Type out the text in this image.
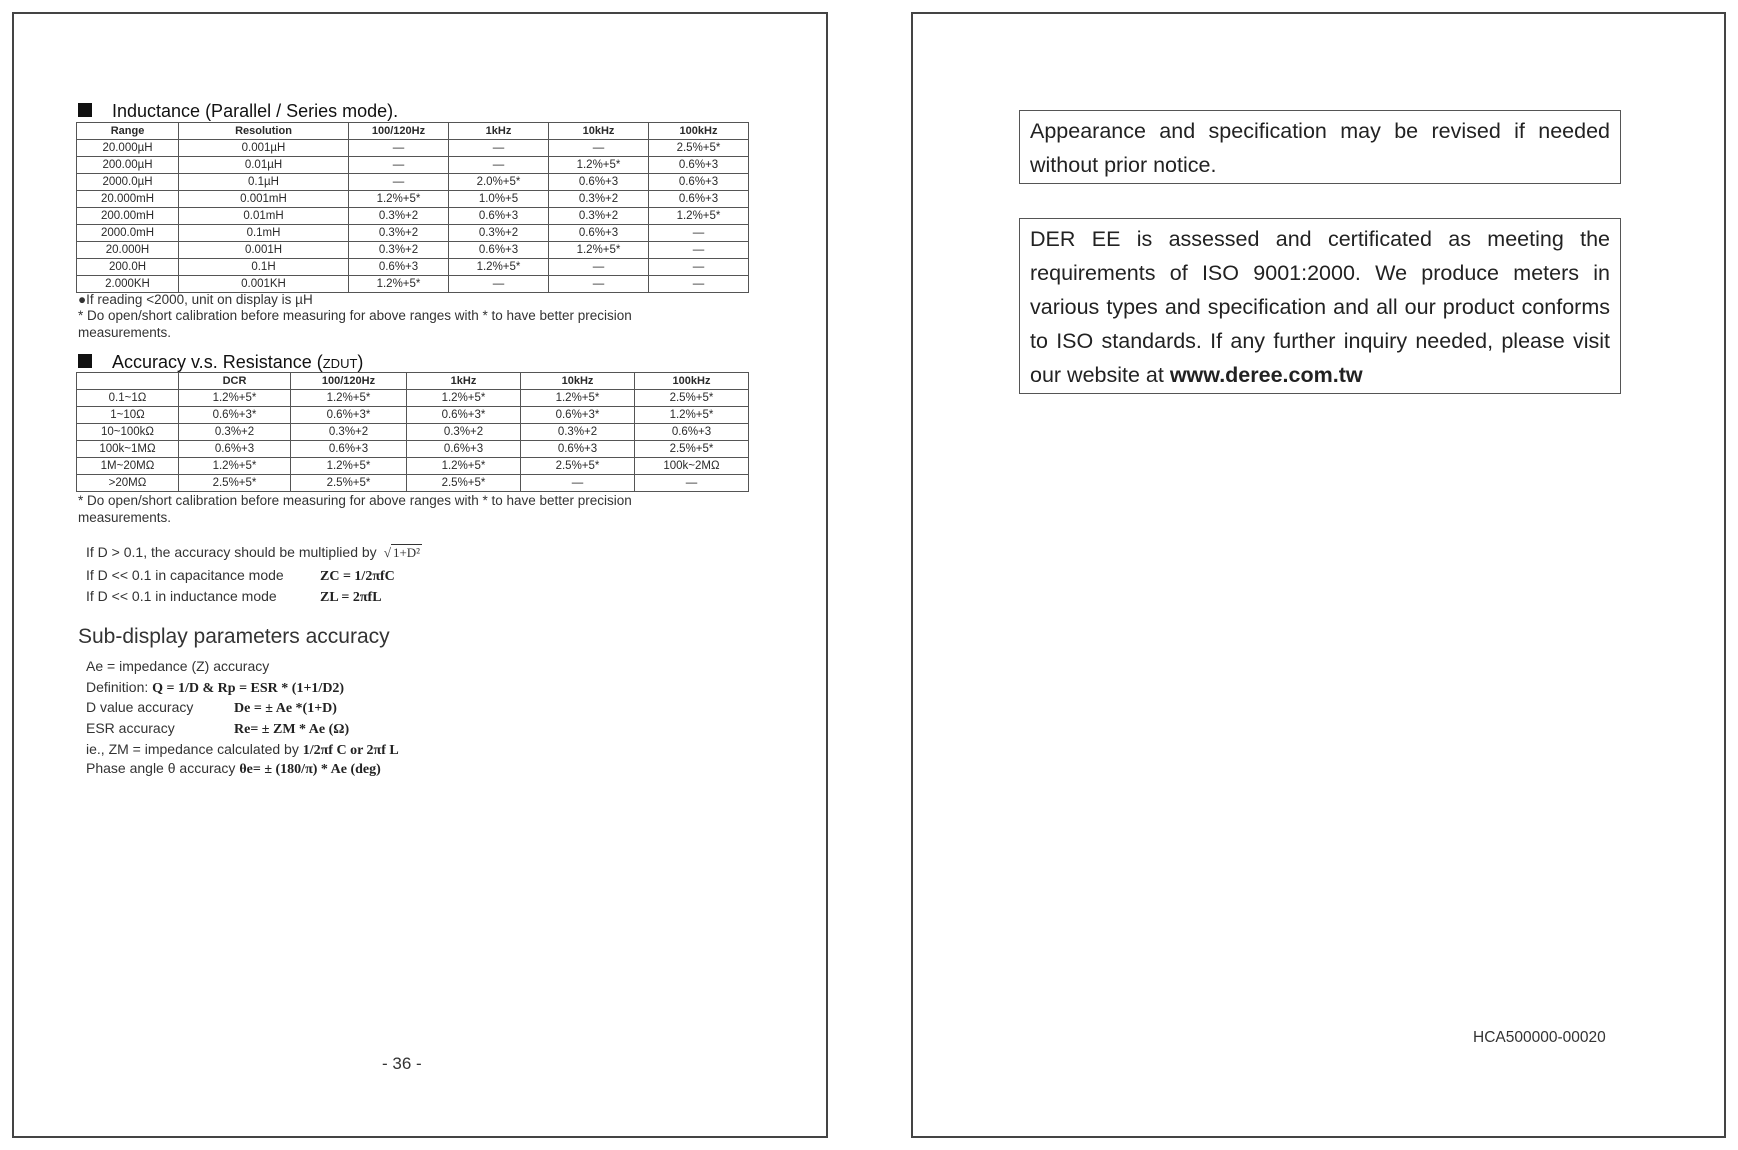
Inductance (Parallel / Series mode).
Range	Resolution	100/120Hz	1kHz	10kHz	100kHz
20.000µH	0.001µH	—	—	—	2.5%+5*
200.00µH	0.01µH	—	—	1.2%+5*	0.6%+3
2000.0µH	0.1µH	—	2.0%+5*	0.6%+3	0.6%+3
20.000mH	0.001mH	1.2%+5*	1.0%+5	0.3%+2	0.6%+3
200.00mH	0.01mH	0.3%+2	0.6%+3	0.3%+2	1.2%+5*
2000.0mH	0.1mH	0.3%+2	0.3%+2	0.6%+3	—
20.000H	0.001H	0.3%+2	0.6%+3	1.2%+5*	—
200.0H	0.1H	0.6%+3	1.2%+5*	—	—
2.000KH	0.001KH	1.2%+5*	—	—	—
●If reading <2000, unit on display is µH
* Do open/short calibration before measuring for above ranges with * to have better precision measurements.
Accuracy v.s. Resistance (ZDUT)
	DCR	100/120Hz	1kHz	10kHz	100kHz
0.1~1Ω	1.2%+5*	1.2%+5*	1.2%+5*	1.2%+5*	2.5%+5*
1~10Ω	0.6%+3*	0.6%+3*	0.6%+3*	0.6%+3*	1.2%+5*
10~100kΩ	0.3%+2	0.3%+2	0.3%+2	0.3%+2	0.6%+3
100k~1MΩ	0.6%+3	0.6%+3	0.6%+3	0.6%+3	2.5%+5*
1M~20MΩ	1.2%+5*	1.2%+5*	1.2%+5*	2.5%+5*	100k~2MΩ
>20MΩ	2.5%+5*	2.5%+5*	2.5%+5*	—	—
* Do open/short calibration before measuring for above ranges with * to have better precision measurements.
If D > 0.1, the accuracy should be multiplied by  √ 1+D²
If D << 0.1 in capacitance mode	ZC = 1/2πfC
If D << 0.1 in inductance mode	ZL = 2πfL
Sub-display parameters accuracy
Ae = impedance (Z) accuracy
Definition: Q = 1/D & Rp = ESR * (1+1/D2)
D value accuracy	De = ± Ae *(1+D)
ESR accuracy	Re= ± ZM * Ae (Ω)
ie., ZM = impedance calculated by 1/2πf C or 2πf L
Phase angle θ accuracy θe= ± (180/π) * Ae (deg)
- 36 -
Appearance and specification may be revised if needed without prior notice.
DER EE is assessed and certificated as meeting the requirements of ISO 9001:2000. We produce meters in various types and specification and all our product conforms to ISO standards. If any further inquiry needed, please visit our website at www.deree.com.tw
HCA500000-00020
